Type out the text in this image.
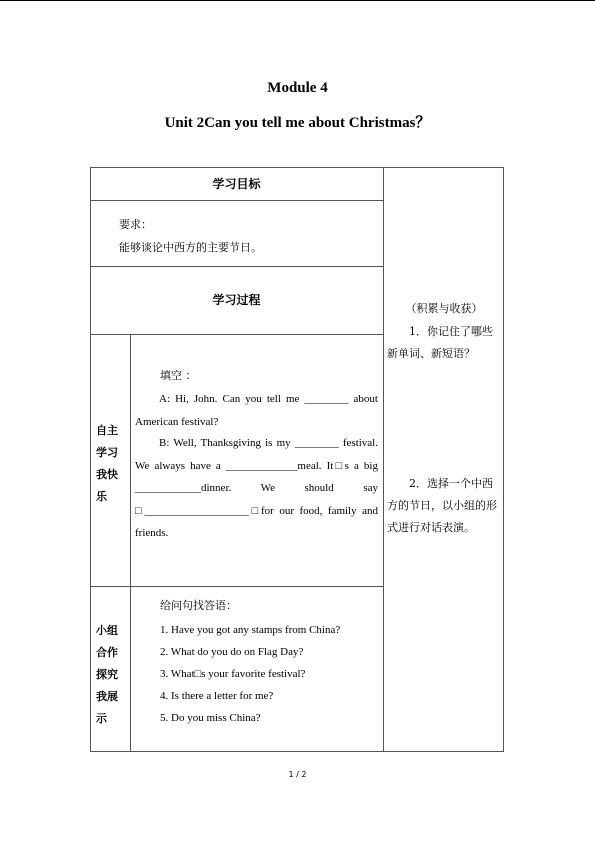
Module 4
Unit 2Can you tell me about Christmas？
学习目标
要求：
能够谈论中西方的主要节日。
学习过程
自主学习我快乐
填空 ：
A: Hi, John. Can you tell me ________ about American festival?
B: Well, Thanksgiving is my ________ festival. We always have a _____________meal. It□s a big ____________dinner. We should say □___________________□for our food, family and friends.
小组合作探究我展示
给问句找答语：
1. Have you got any stamps from China?
2. What do you do on Flag Day?
3. What□s your favorite festival?
4. Is there a letter for me?
5. Do you miss China?
（积累与收获）
1．你记住了哪些新单词、新短语？
2．选择一个中西方的节日，以小组的形式进行对话表演。
1 / 2
